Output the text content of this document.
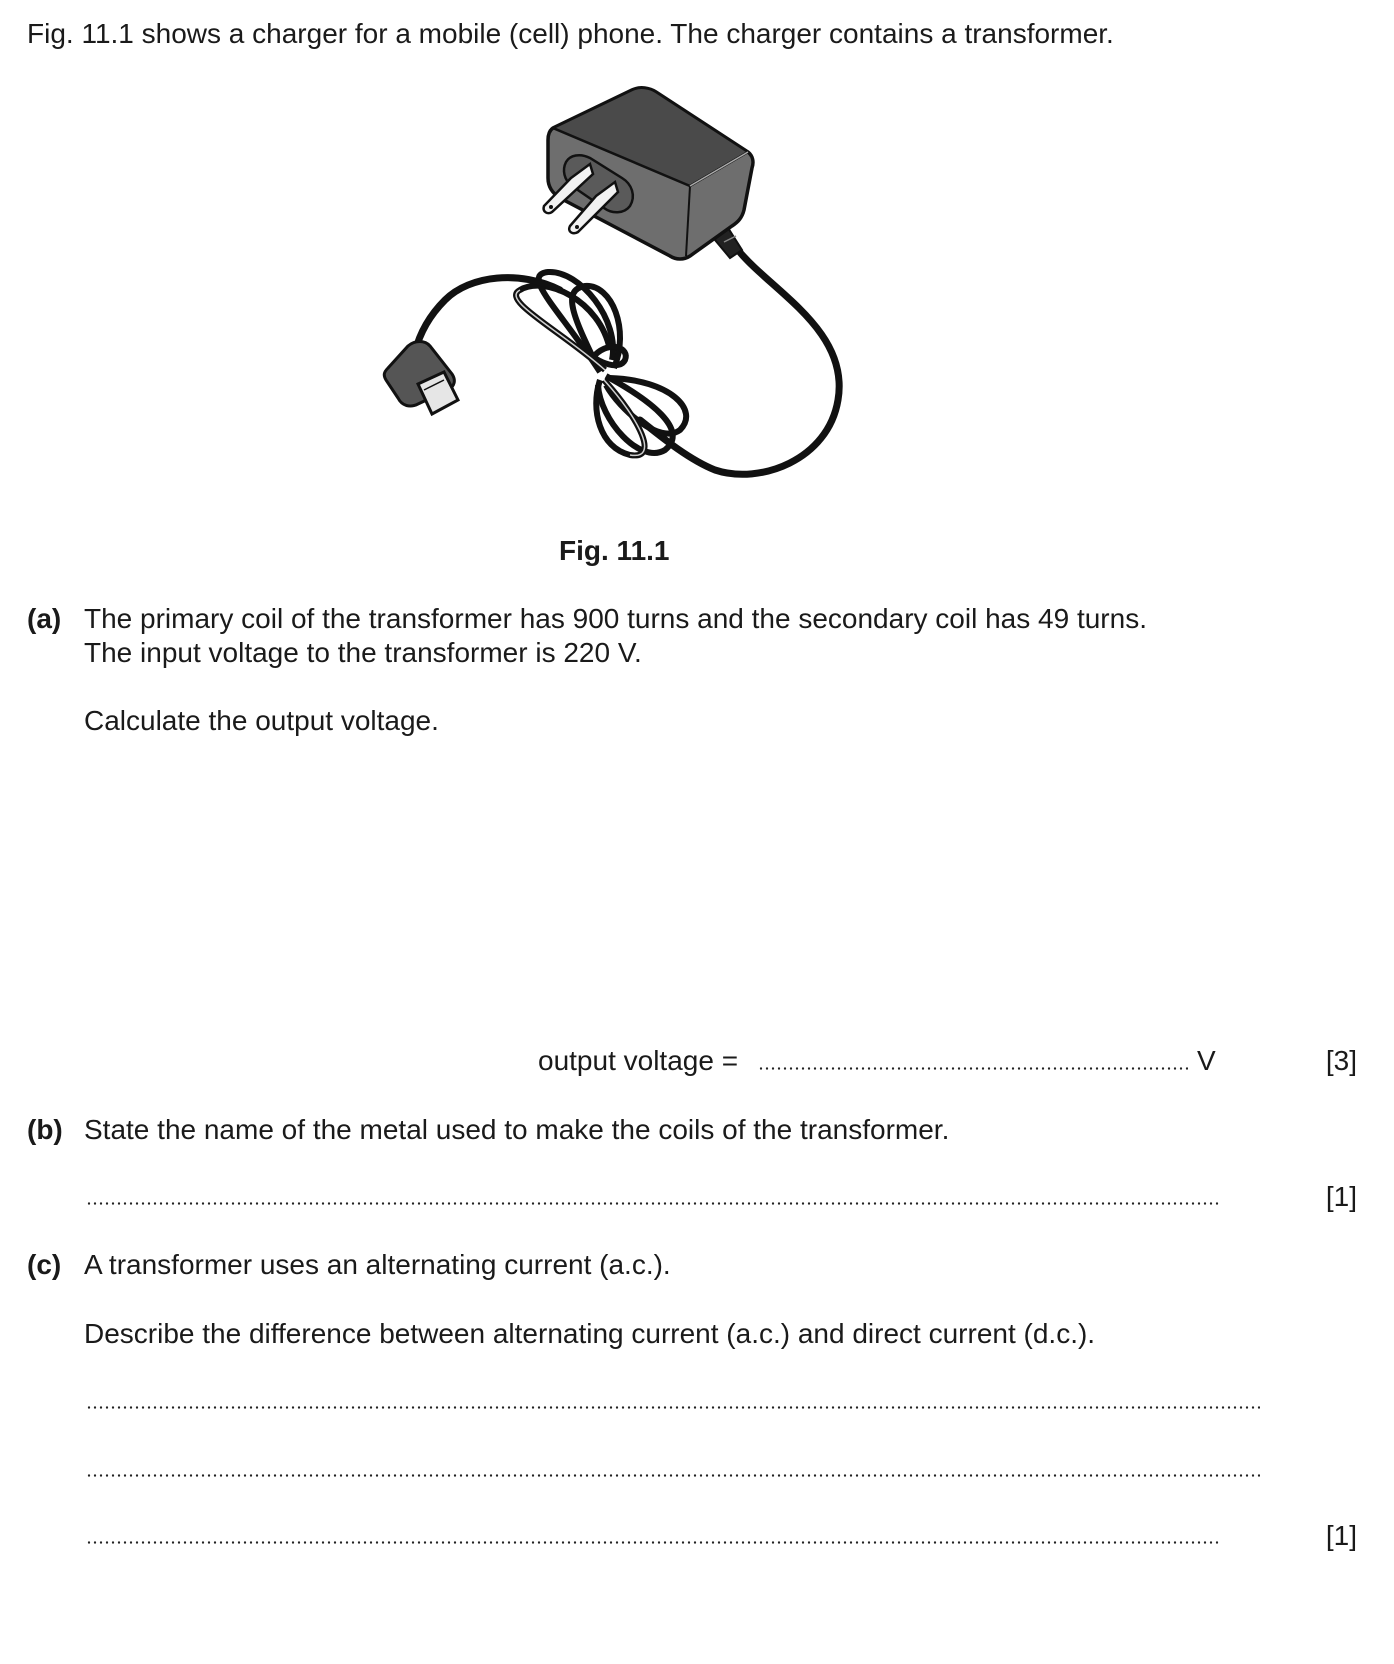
Fig. 11.1 shows a charger for a mobile (cell) phone. The charger contains a transformer.
Fig. 11.1
(a) The primary coil of the transformer has 900 turns and the secondary coil has 49 turns.
The input voltage to the transformer is 220 V.
Calculate the output voltage.
output voltage =	V	[3]
(b) State the name of the metal used to make the coils of the transformer.
[1]
(c) A transformer uses an alternating current (a.c.).
Describe the difference between alternating current (a.c.) and direct current (d.c.).
[1]
